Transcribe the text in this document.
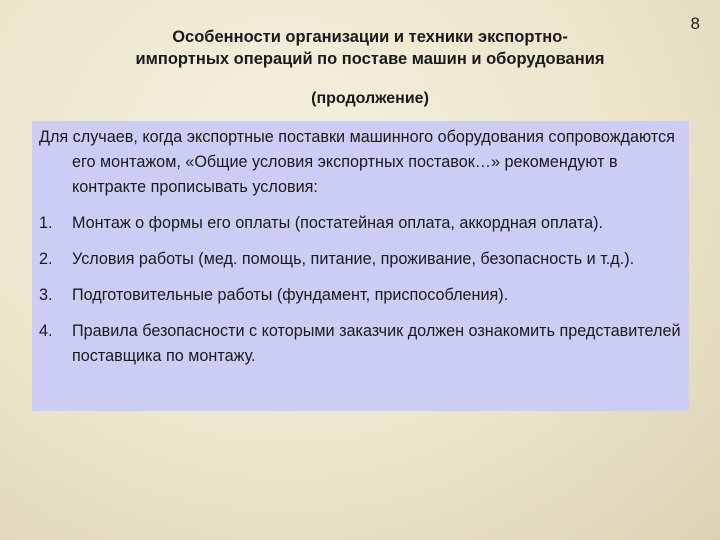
8
Особенности организации и техники экспортно-
импортных операций по поставе машин и оборудования
(продолжение)

Для случаев, когда экспортные поставки машинного оборудования сопровождаются его монтажом, «Общие условия экспортных поставок…» рекомендуют в контракте прописывать условия:

1. Монтаж о формы его оплаты (постатейная оплата, аккордная оплата).
2. Условия работы (мед. помощь, питание, проживание, безопасность и т.д.).
3. Подготовительные работы (фундамент, приспособления).
4. Правила безопасности с которыми заказчик должен ознакомить представителей поставщика по монтажу.
